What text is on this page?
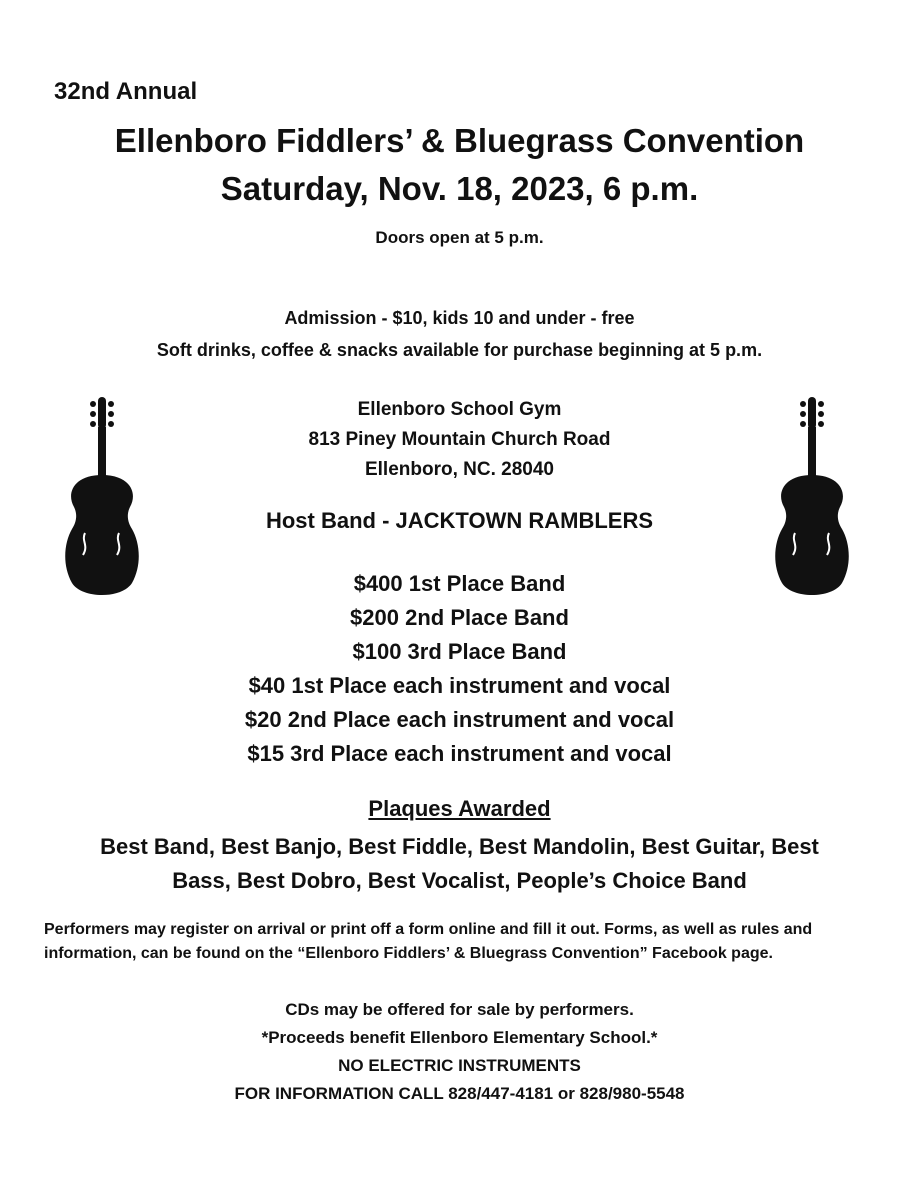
32nd Annual
Ellenboro Fiddlers’ & Bluegrass Convention
Saturday, Nov. 18, 2023, 6 p.m.
Doors open at 5 p.m.
Admission - $10, kids 10 and under - free
Soft drinks, coffee & snacks available for purchase beginning at 5 p.m.
Ellenboro School Gym
813 Piney Mountain Church Road
Ellenboro, NC. 28040
Host Band - JACKTOWN RAMBLERS
$400 1st Place Band
$200 2nd Place Band
$100 3rd Place Band
$40 1st Place each instrument and vocal
$20 2nd Place each instrument and vocal
$15 3rd Place each instrument and vocal
Plaques Awarded
Best Band, Best Banjo, Best Fiddle, Best Mandolin, Best Guitar, Best
Bass, Best Dobro, Best Vocalist, People’s Choice Band
Performers may register on arrival or print off a form online and fill it out. Forms, as well as rules and information, can be found on the “Ellenboro Fiddlers’ & Bluegrass Convention” Facebook page.
CDs may be offered for sale by performers.
*Proceeds benefit Ellenboro Elementary School.*
NO ELECTRIC INSTRUMENTS
FOR INFORMATION CALL 828/447-4181 or 828/980-5548
